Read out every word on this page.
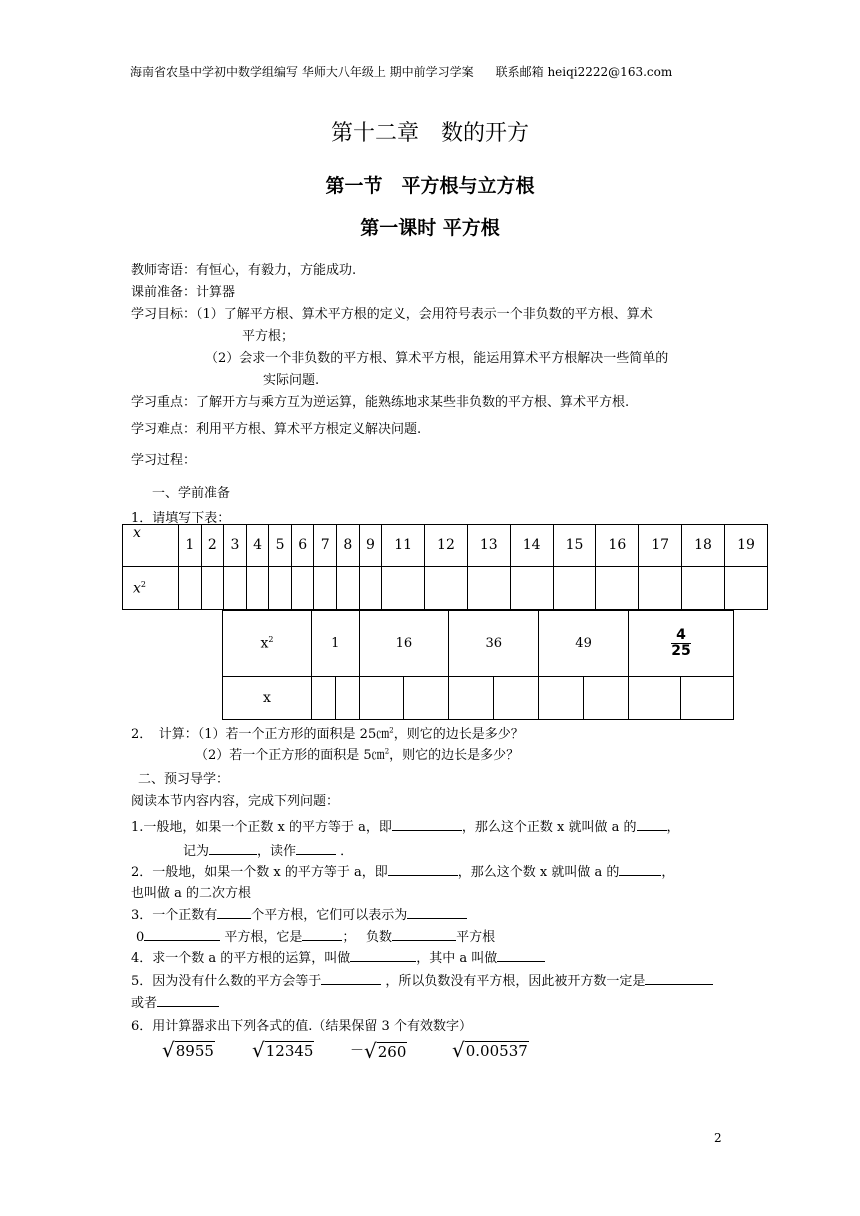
海南省农垦中学初中数学组编写 华师大八年级上 期中前学习学案 联系邮箱 heiqi2222@163.com
第十二章　数的开方
第一节　平方根与立方根
第一课时 平方根
教师寄语：有恒心，有毅力，方能成功.
课前准备：计算器
学习目标：（1）了解平方根、算术平方根的定义，会用符号表示一个非负数的平方根、算术
平方根；
（2）会求一个非负数的平方根、算术平方根，能运用算术平方根解决一些简单的
实际问题.
学习重点：了解开方与乘方互为逆运算，能熟练地求某些非负数的平方根、算术平方根.
学习难点：利用平方根、算术平方根定义解决问题.
学习过程：
一、学前准备
1．请填写下表：
x	1	2	3	4	5	6	7	8	9	11	12	13	14	15	16	17	18	19
$x^2$																		
$x^2$	1		16		36		49		$\frac{4}{25}$

x										
2．　计算：（1）若一个正方形的面积是 25㎝$^2$，则它的边长是多少？
（2）若一个正方形的面积是 5㎝$^2$，则它的边长是多少？
二、预习导学：
阅读本节内容内容，完成下列问题：
1.一般地，如果一个正数 x 的平方等于 a，即	，那么这个正数 x 就叫做 a 的 ，
记为	，读作	．
2．一般地，如果一个数 x 的平方等于 a，即	，那么这个数 x 就叫做 a 的	，
也叫做 a 的二次方根
3．一个正数有	个平方根，它们可以表示为
0	平方根，它是	；　 负数	平方根
4．求一个数 a 的平方根的运算，叫做	，其中 a 叫做
5．因为没有什么数的平方会等于	，所以负数没有平方根，因此被开方数一定是
或者
6．用计算器求出下列各式的值.（结果保留 3 个有效数字）
√ 8955 √ 12345	－ √ 260 √ 0.00537
2
